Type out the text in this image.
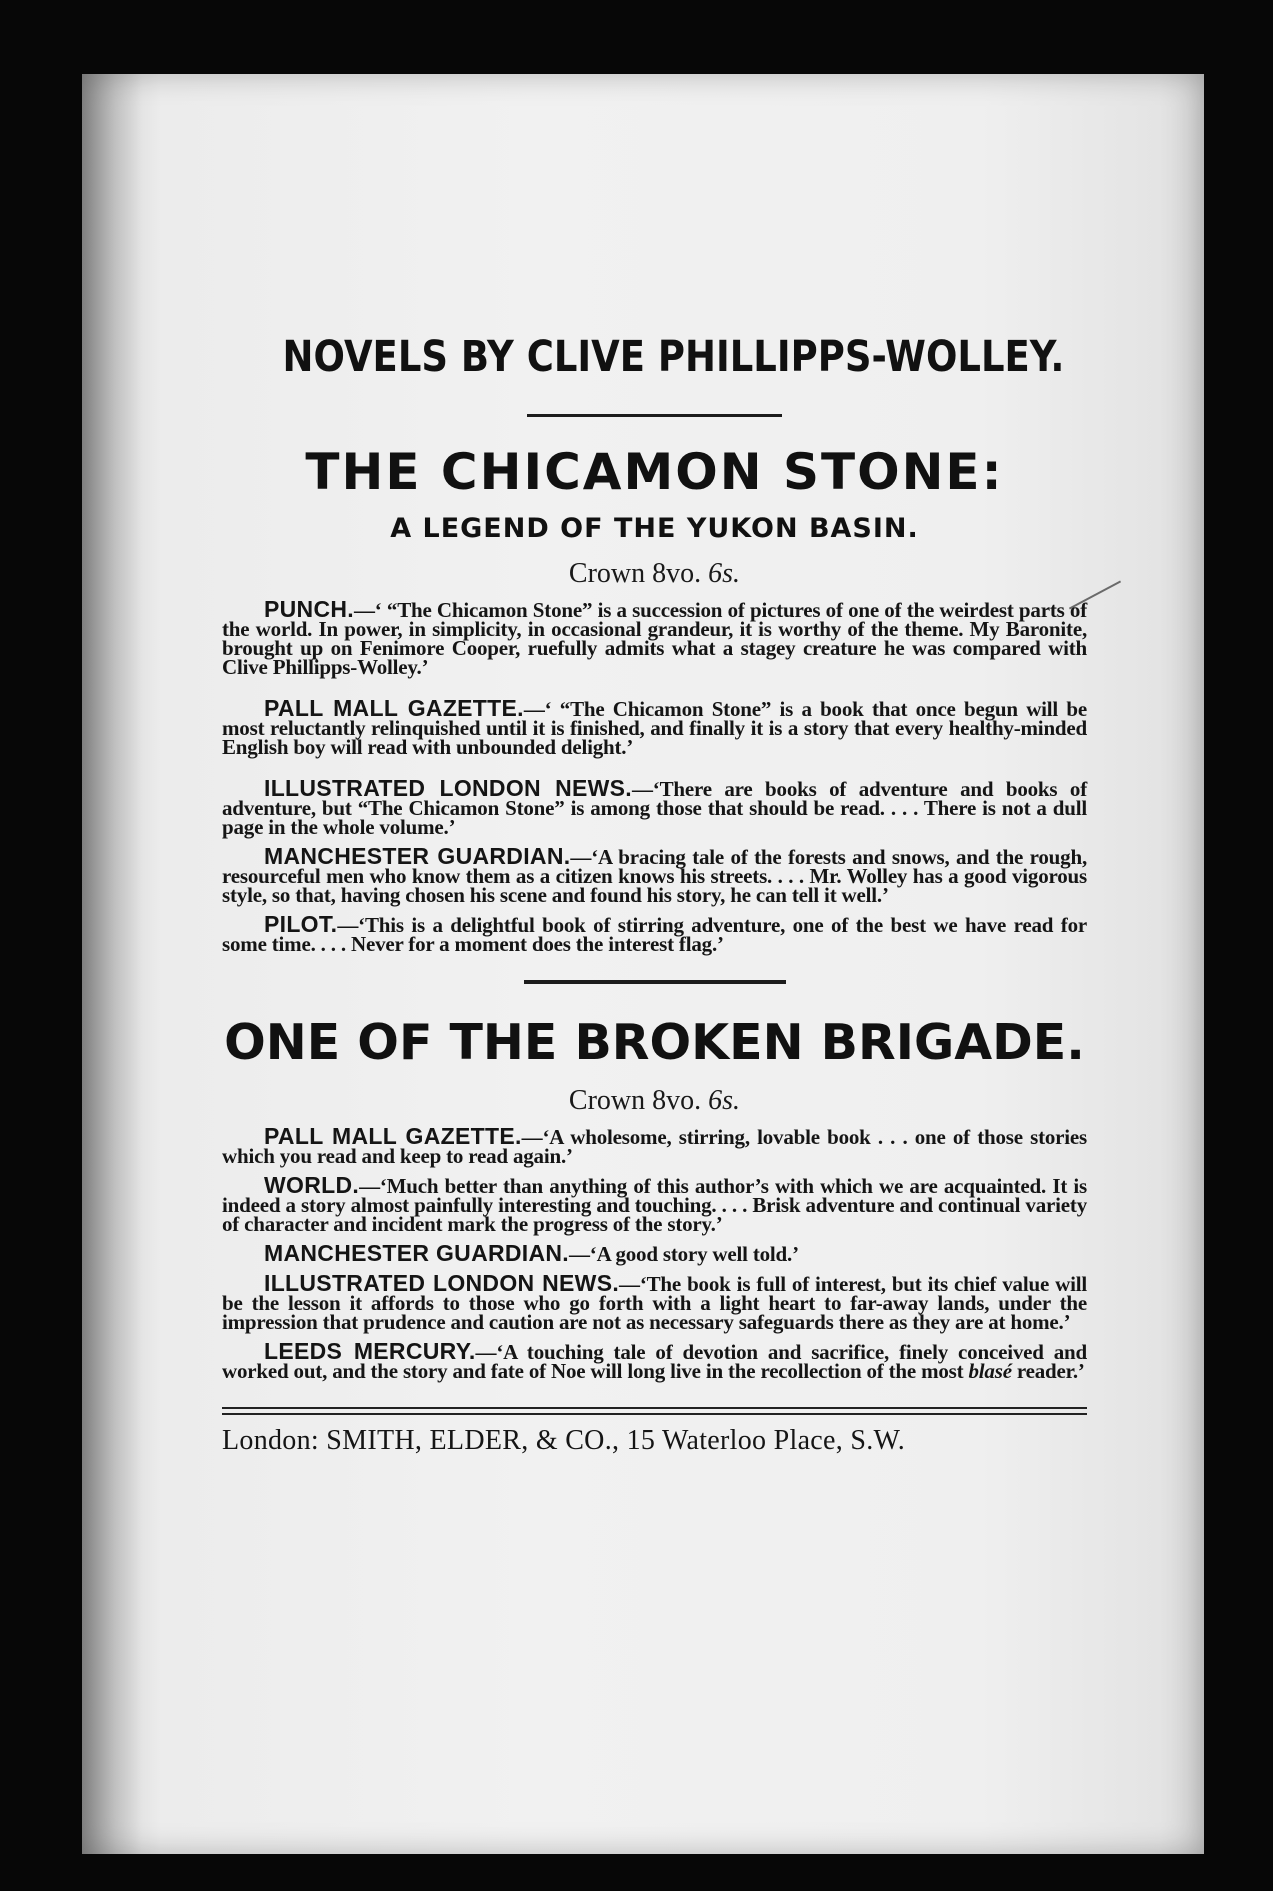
NOVELS BY CLIVE PHILLIPPS-WOLLEY.
THE CHICAMON STONE:
A LEGEND OF THE YUKON BASIN.
Crown 8vo. 6s.

PUNCH.—‘ “The Chicamon Stone” is a succession of pictures of one of the weirdest parts of the world. In power, in simplicity, in occasional grandeur, it is worthy of the theme. My Baronite, brought up on Fenimore Cooper, ruefully admits what a stagey creature he was compared with Clive Phillipps-Wolley.’

PALL MALL GAZETTE.—‘ “The Chicamon Stone” is a book that once begun will be most reluctantly relinquished until it is finished, and finally it is a story that every healthy-minded English boy will read with unbounded delight.’

ILLUSTRATED LONDON NEWS.—‘There are books of adventure and books of adventure, but “The Chicamon Stone” is among those that should be read. . . . There is not a dull page in the whole volume.’

MANCHESTER GUARDIAN.—‘A bracing tale of the forests and snows, and the rough, resourceful men who know them as a citizen knows his streets. . . . Mr. Wolley has a good vigorous style, so that, having chosen his scene and found his story, he can tell it well.’

PILOT.—‘This is a delightful book of stirring adventure, one of the best we have read for some time. . . . Never for a moment does the interest flag.’

ONE OF THE BROKEN BRIGADE.
Crown 8vo. 6s.

PALL MALL GAZETTE.—‘A wholesome, stirring, lovable book . . . one of those stories which you read and keep to read again.’

WORLD.—‘Much better than anything of this author’s with which we are acquainted. It is indeed a story almost painfully interesting and touching. . . . Brisk adventure and continual variety of character and incident mark the progress of the story.’

MANCHESTER GUARDIAN.—‘A good story well told.’

ILLUSTRATED LONDON NEWS.—‘The book is full of interest, but its chief value will be the lesson it affords to those who go forth with a light heart to far-away lands, under the impression that prudence and caution are not as necessary safeguards there as they are at home.’

LEEDS MERCURY.—‘A touching tale of devotion and sacrifice, finely conceived and worked out, and the story and fate of Noe will long live in the recollection of the most blasé reader.’

London: SMITH, ELDER, & CO., 15 Waterloo Place, S.W.
